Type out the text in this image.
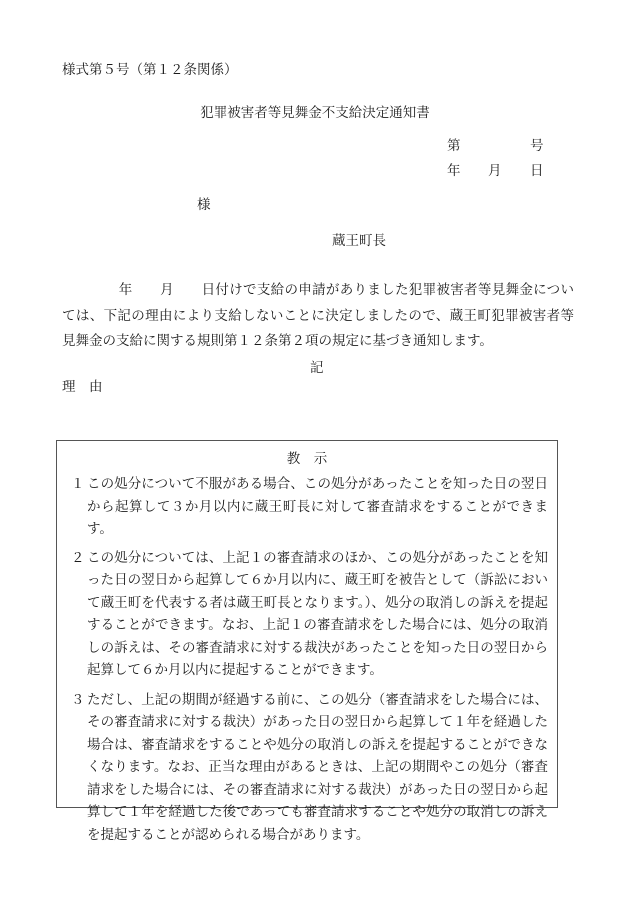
様式第５号（第１２条関係）
犯罪被害者等見舞金不支給決定通知書
第	号
年 月 日
様
蔵王町長
年　　月　　日付けで支給の申請がありました犯罪被害者等見舞金については、下記の理由により支給しないことに決定しましたので、蔵王町犯罪被害者等見舞金の支給に関する規則第１２条第２項の規定に基づき通知します。
記
理　由
教　示
１ この処分について不服がある場合、この処分があったことを知った日の翌日から起算して３か月以内に蔵王町長に対して審査請求をすることができます。
２ この処分については、上記１の審査請求のほか、この処分があったことを知った日の翌日から起算して６か月以内に、蔵王町を被告として（訴訟において蔵王町を代表する者は蔵王町長となります。）、処分の取消しの訴えを提起することができます。なお、上記１の審査請求をした場合には、処分の取消しの訴えは、その審査請求に対する裁決があったことを知った日の翌日から起算して６か月以内に提起することができます。
３ ただし、上記の期間が経過する前に、この処分（審査請求をした場合には、その審査請求に対する裁決）があった日の翌日から起算して１年を経過した場合は、審査請求をすることや処分の取消しの訴えを提起することができなくなります。なお、正当な理由があるときは、上記の期間やこの処分（審査請求をした場合には、その審査請求に対する裁決）があった日の翌日から起算して１年を経過した後であっても審査請求することや処分の取消しの訴えを提起することが認められる場合があります。
